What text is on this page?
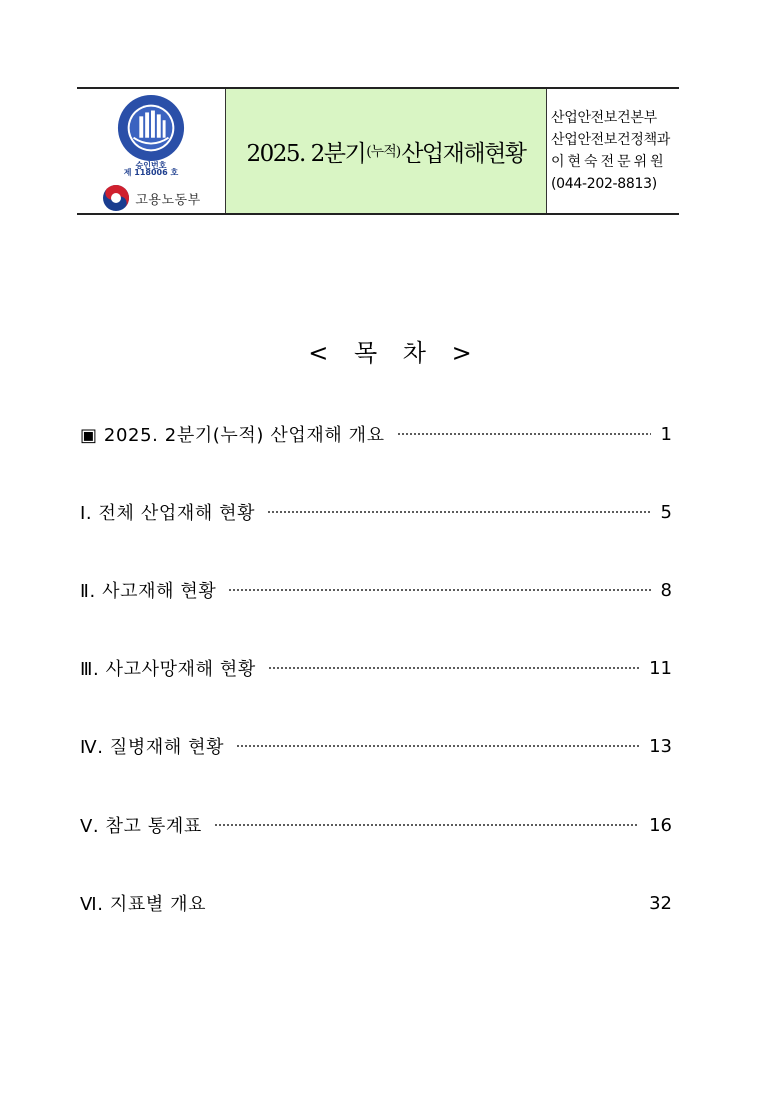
승인번호
제 118006 호
고용노동부
2025. 2분기 (누적) 산업재해현황
산업안전보건본부
산업안전보건정책과
이현숙전문위원
(044-202-8813)
< 목 차 >
▣ 2025. 2분기(누적) 산업재해 개요	1
Ⅰ. 전체 산업재해 현황	5
Ⅱ. 사고재해 현황	8
Ⅲ. 사고사망재해 현황	11
Ⅳ. 질병재해 현황	13
Ⅴ. 참고 통계표	16
Ⅵ. 지표별 개요	32
